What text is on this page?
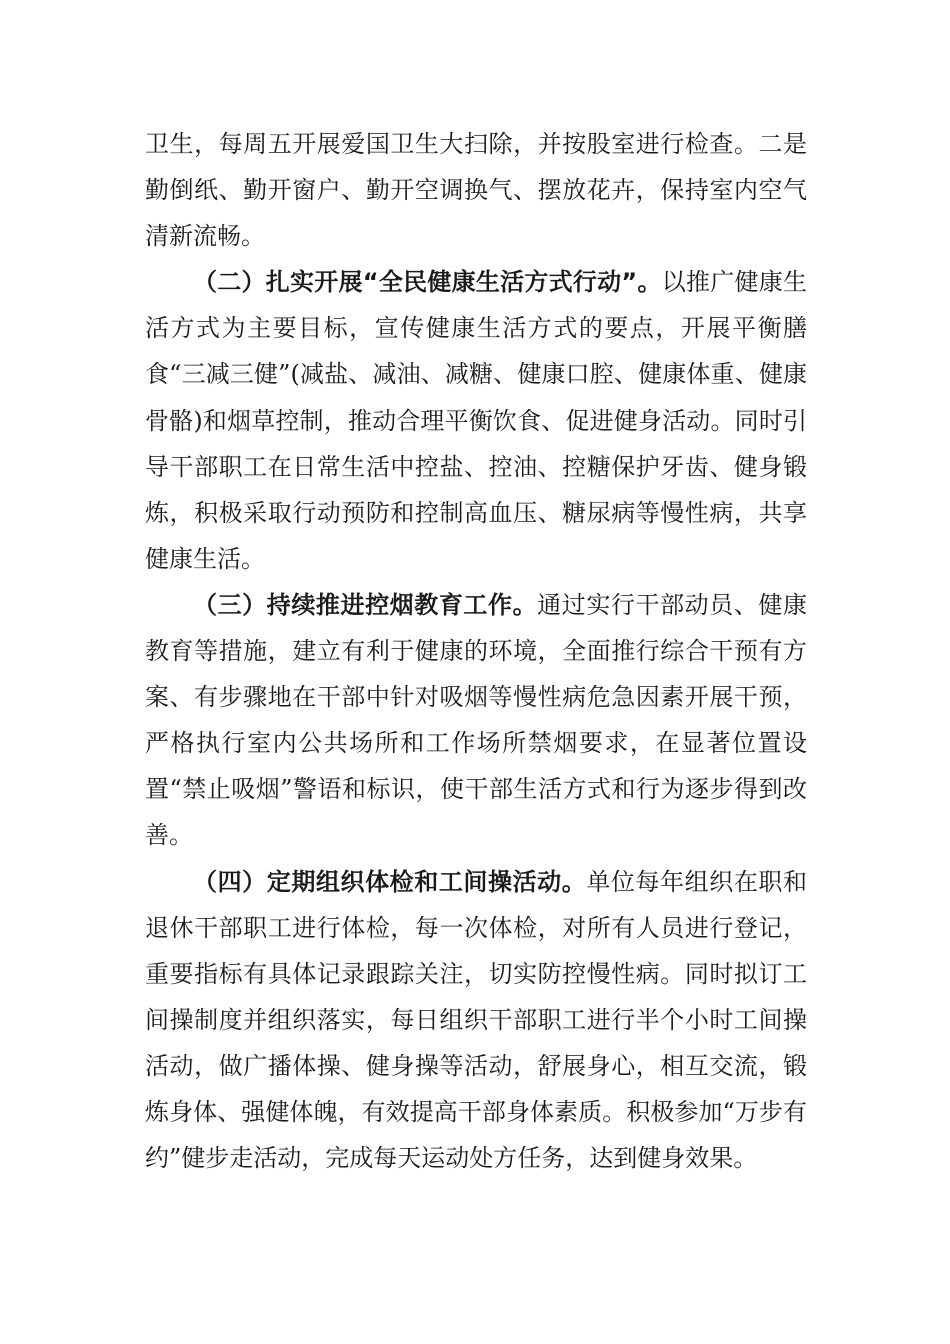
卫生，每周五开展爱国卫生大扫除，并按股室进行检查。二是勤倒纸、勤开窗户、勤开空调换气、摆放花卉，保持室内空气清新流畅。

（二）扎实开展“全民健康生活方式行动”。以推广健康生活方式为主要目标，宣传健康生活方式的要点，开展平衡膳食“三减三健”(减盐、减油、减糖、健康口腔、健康体重、健康骨骼)和烟草控制，推动合理平衡饮食、促进健身活动。同时引导干部职工在日常生活中控盐、控油、控糖保护牙齿、健身锻炼，积极采取行动预防和控制高血压、糖尿病等慢性病，共享健康生活。

（三）持续推进控烟教育工作。通过实行干部动员、健康教育等措施，建立有利于健康的环境，全面推行综合干预有方案、有步骤地在干部中针对吸烟等慢性病危急因素开展干预，严格执行室内公共场所和工作场所禁烟要求，在显著位置设置“禁止吸烟”警语和标识，使干部生活方式和行为逐步得到改善。

（四）定期组织体检和工间操活动。单位每年组织在职和退休干部职工进行体检，每一次体检，对所有人员进行登记，重要指标有具体记录跟踪关注，切实防控慢性病。同时拟订工间操制度并组织落实，每日组织干部职工进行半个小时工间操活动，做广播体操、健身操等活动，舒展身心，相互交流，锻炼身体、强健体魄，有效提高干部身体素质。积极参加“万步有约”健步走活动，完成每天运动处方任务，达到健身效果。
